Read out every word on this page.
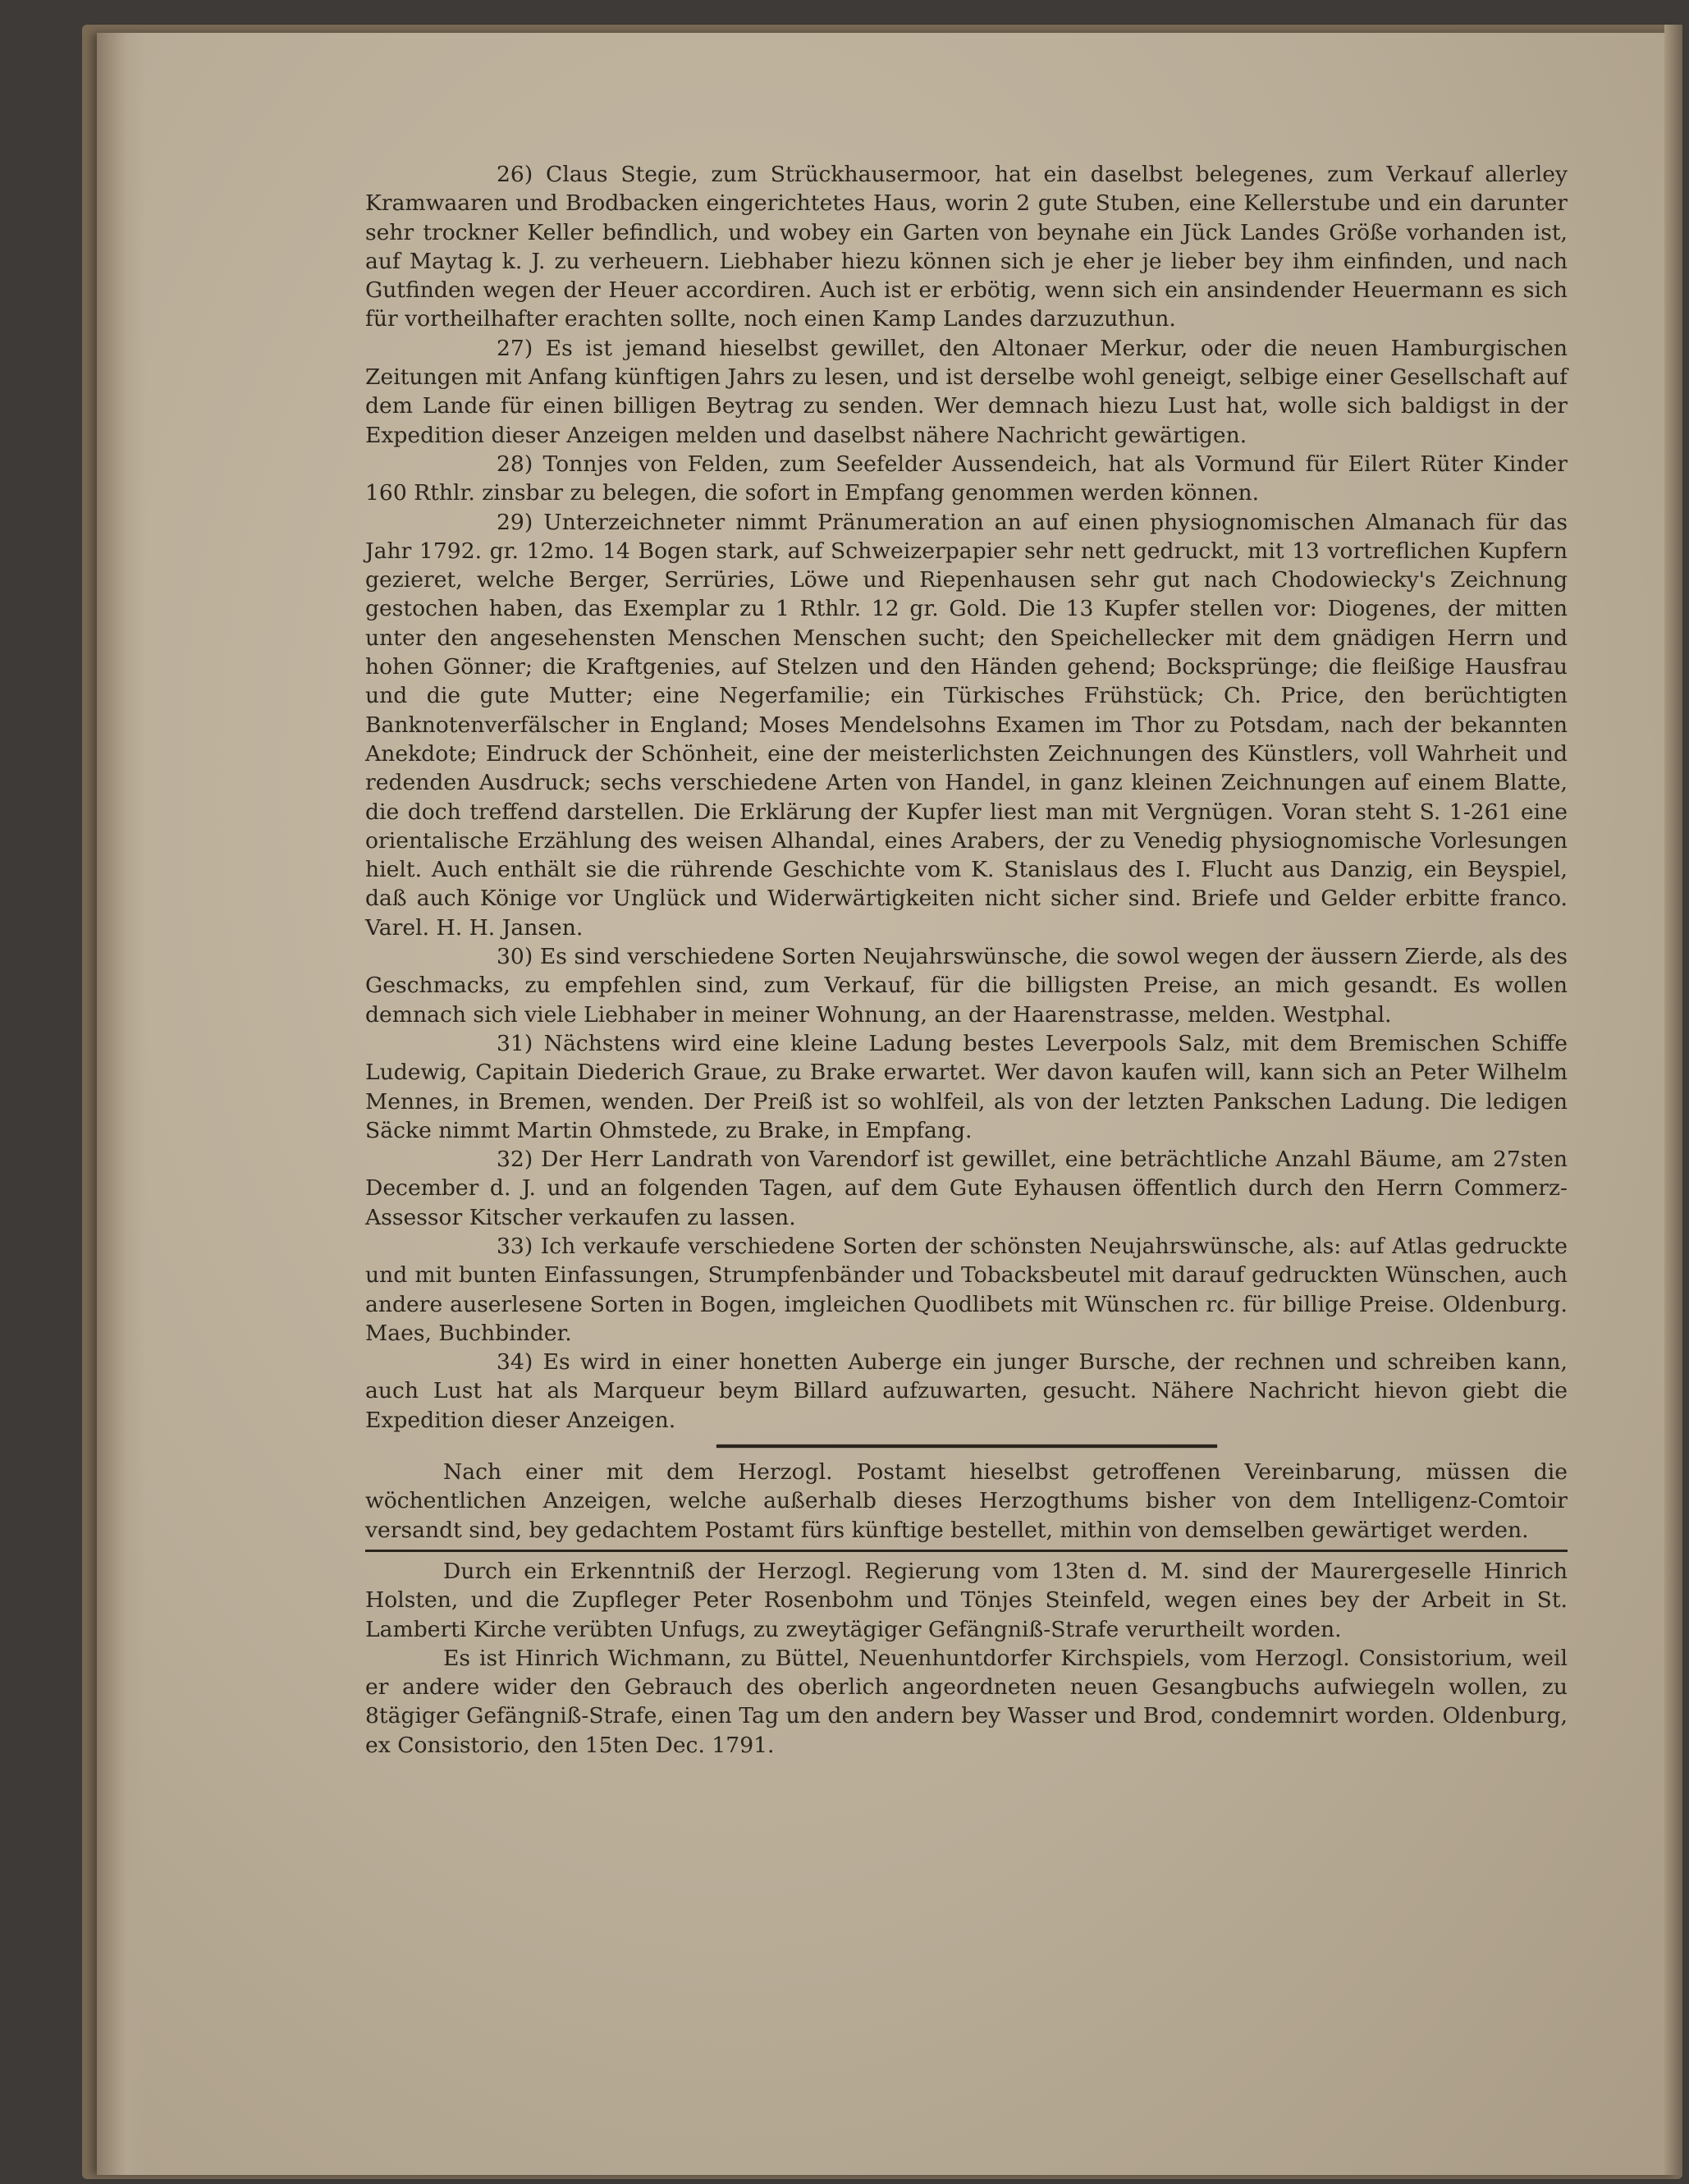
26) Claus Stegie, zum Strückhausermoor, hat ein daselbst belegenes, zum Verkauf allerley Kramwaaren und Brodbacken eingerichtetes Haus, worin 2 gute Stuben, eine Kellerstube und ein darunter sehr trockner Keller befindlich, und wobey ein Garten von beynahe ein Jück Landes Größe vorhanden ist, auf Maytag k. J. zu verheuern. Liebhaber hiezu können sich je eher je lieber bey ihm einfinden, und nach Gutfinden wegen der Heuer accordiren. Auch ist er erbötig, wenn sich ein ansindender Heuermann es sich für vortheilhafter erachten sollte, noch einen Kamp Landes darzuzuthun.

27) Es ist jemand hieselbst gewillet, den Altonaer Merkur, oder die neuen Hamburgischen Zeitungen mit Anfang künftigen Jahrs zu lesen, und ist derselbe wohl geneigt, selbige einer Gesellschaft auf dem Lande für einen billigen Beytrag zu senden. Wer demnach hiezu Lust hat, wolle sich baldigst in der Expedition dieser Anzeigen melden und daselbst nähere Nachricht gewärtigen.

28) Tonnjes von Felden, zum Seefelder Aussendeich, hat als Vormund für Eilert Rüter Kinder 160 Rthlr. zinsbar zu belegen, die sofort in Empfang genommen werden können.

29) Unterzeichneter nimmt Pränumeration an auf einen physiognomischen Almanach für das Jahr 1792. gr. 12mo. 14 Bogen stark, auf Schweizerpapier sehr nett gedruckt, mit 13 vortreflichen Kupfern gezieret, welche Berger, Serrüries, Löwe und Riepenhausen sehr gut nach Chodowiecky's Zeichnung gestochen haben, das Exemplar zu 1 Rthlr. 12 gr. Gold. Die 13 Kupfer stellen vor: Diogenes, der mitten unter den angesehensten Menschen Menschen sucht; den Speichellecker mit dem gnädigen Herrn und hohen Gönner; die Kraftgenies, auf Stelzen und den Händen gehend; Bocksprünge; die fleißige Hausfrau und die gute Mutter; eine Negerfamilie; ein Türkisches Frühstück; Ch. Price, den berüchtigten Banknotenverfälscher in England; Moses Mendelsohns Examen im Thor zu Potsdam, nach der bekannten Anekdote; Eindruck der Schönheit, eine der meisterlichsten Zeichnungen des Künstlers, voll Wahrheit und redenden Ausdruck; sechs verschiedene Arten von Handel, in ganz kleinen Zeichnungen auf einem Blatte, die doch treffend darstellen. Die Erklärung der Kupfer liest man mit Vergnügen. Voran steht S. 1-261 eine orientalische Erzählung des weisen Alhandal, eines Arabers, der zu Venedig physiognomische Vorlesungen hielt. Auch enthält sie die rührende Geschichte vom K. Stanislaus des I. Flucht aus Danzig, ein Beyspiel, daß auch Könige vor Unglück und Widerwärtigkeiten nicht sicher sind. Briefe und Gelder erbitte franco. Varel. H. H. Jansen.

30) Es sind verschiedene Sorten Neujahrswünsche, die sowol wegen der äussern Zierde, als des Geschmacks, zu empfehlen sind, zum Verkauf, für die billigsten Preise, an mich gesandt. Es wollen demnach sich viele Liebhaber in meiner Wohnung, an der Haarenstrasse, melden. Westphal.

31) Nächstens wird eine kleine Ladung bestes Leverpools Salz, mit dem Bremischen Schiffe Ludewig, Capitain Diederich Graue, zu Brake erwartet. Wer davon kaufen will, kann sich an Peter Wilhelm Mennes, in Bremen, wenden. Der Preiß ist so wohlfeil, als von der letzten Pankschen Ladung. Die ledigen Säcke nimmt Martin Ohmstede, zu Brake, in Empfang.

32) Der Herr Landrath von Varendorf ist gewillet, eine beträchtliche Anzahl Bäume, am 27sten December d. J. und an folgenden Tagen, auf dem Gute Eyhausen öffentlich durch den Herrn Commerz-Assessor Kitscher verkaufen zu lassen.

33) Ich verkaufe verschiedene Sorten der schönsten Neujahrswünsche, als: auf Atlas gedruckte und mit bunten Einfassungen, Strumpfenbänder und Tobacksbeutel mit darauf gedruckten Wünschen, auch andere auserlesene Sorten in Bogen, imgleichen Quodlibets mit Wünschen rc. für billige Preise. Oldenburg. Maes, Buchbinder.

34) Es wird in einer honetten Auberge ein junger Bursche, der rechnen und schreiben kann, auch Lust hat als Marqueur beym Billard aufzuwarten, gesucht. Nähere Nachricht hievon giebt die Expedition dieser Anzeigen.

Nach einer mit dem Herzogl. Postamt hieselbst getroffenen Vereinbarung, müssen die wöchentlichen Anzeigen, welche außerhalb dieses Herzogthums bisher von dem Intelligenz-Comtoir versandt sind, bey gedachtem Postamt fürs künftige bestellet, mithin von demselben gewärtiget werden.

Durch ein Erkenntniß der Herzogl. Regierung vom 13ten d. M. sind der Maurergeselle Hinrich Holsten, und die Zupfleger Peter Rosenbohm und Tönjes Steinfeld, wegen eines bey der Arbeit in St. Lamberti Kirche verübten Unfugs, zu zweytägiger Gefängniß-Strafe verurtheilt worden.

Es ist Hinrich Wichmann, zu Büttel, Neuenhuntdorfer Kirchspiels, vom Herzogl. Consistorium, weil er andere wider den Gebrauch des oberlich angeordneten neuen Gesangbuchs aufwiegeln wollen, zu 8tägiger Gefängniß-Strafe, einen Tag um den andern bey Wasser und Brod, condemnirt worden. Oldenburg, ex Consistorio, den 15ten Dec. 1791.
